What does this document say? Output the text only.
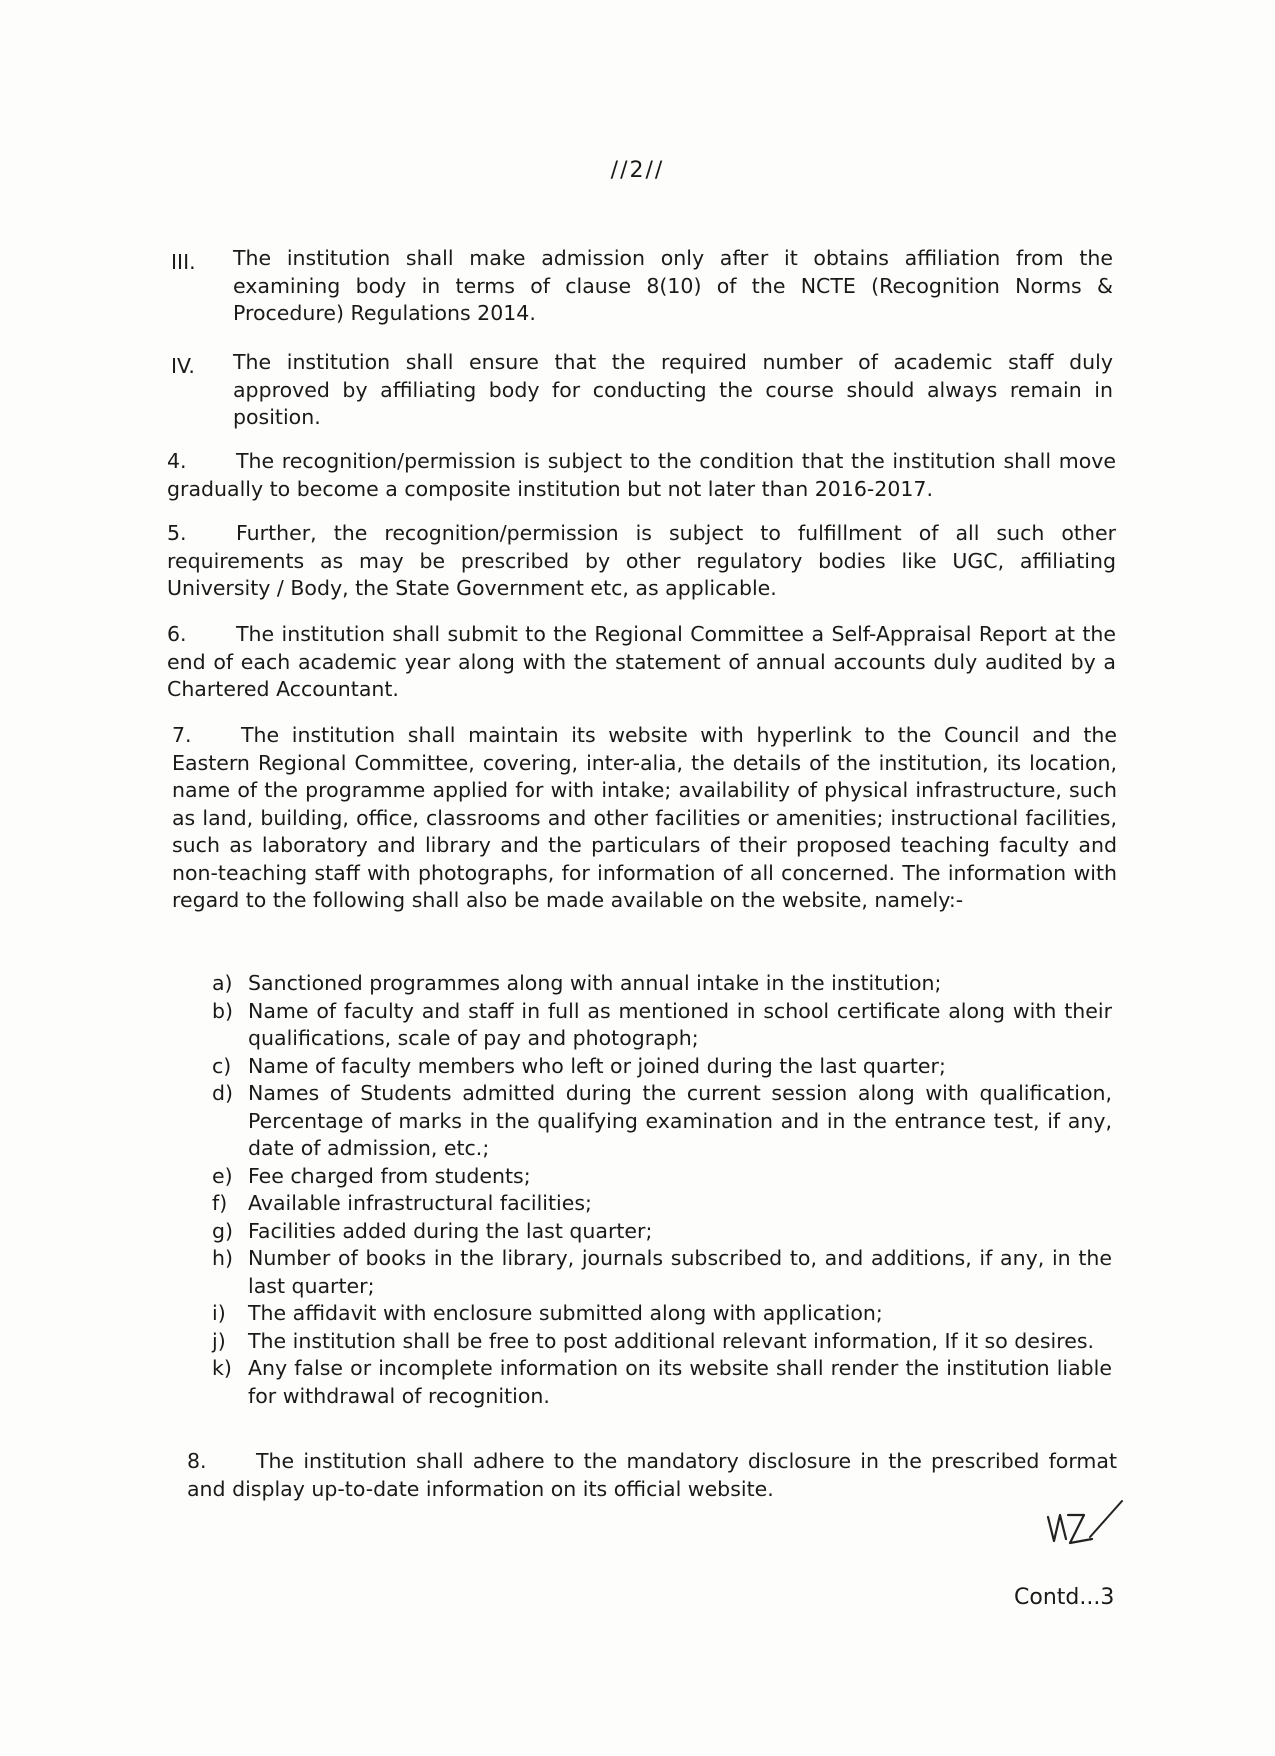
//2//
III. The institution shall make admission only after it obtains affiliation from the examining body in terms of clause 8(10) of the NCTE (Recognition Norms & Procedure) Regulations 2014.

IV. The institution shall ensure that the required number of academic staff duly approved by affiliating body for conducting the course should always remain in position.

4. The recognition/permission is subject to the condition that the institution shall move gradually to become a composite institution but not later than 2016-2017.

5. Further, the recognition/permission is subject to fulfillment of all such other requirements as may be prescribed by other regulatory bodies like UGC, affiliating University / Body, the State Government etc, as applicable.

6. The institution shall submit to the Regional Committee a Self-Appraisal Report at the end of each academic year along with the statement of annual accounts duly audited by a Chartered Accountant.

7. The institution shall maintain its website with hyperlink to the Council and the Eastern Regional Committee, covering, inter-alia, the details of the institution, its location, name of the programme applied for with intake; availability of physical infrastructure, such as land, building, office, classrooms and other facilities or amenities; instructional facilities, such as laboratory and library and the particulars of their proposed teaching faculty and non-teaching staff with photographs, for information of all concerned. The information with regard to the following shall also be made available on the website, namely:-

a) Sanctioned programmes along with annual intake in the institution;
b) Name of faculty and staff in full as mentioned in school certificate along with their qualifications, scale of pay and photograph;
c) Name of faculty members who left or joined during the last quarter;
d) Names of Students admitted during the current session along with qualification, Percentage of marks in the qualifying examination and in the entrance test, if any, date of admission, etc.;
e) Fee charged from students;
f)	Available infrastructural facilities;
g) Facilities added during the last quarter;
h) Number of books in the library, journals subscribed to, and additions, if any, in the last quarter;
i)	The affidavit with enclosure submitted along with application;
j)	The institution shall be free to post additional relevant information, If it so desires.
k) Any false or incomplete information on its website shall render the institution liable for withdrawal of recognition.

8. The institution shall adhere to the mandatory disclosure in the prescribed format and display up-to-date information on its official website.

Contd...3
